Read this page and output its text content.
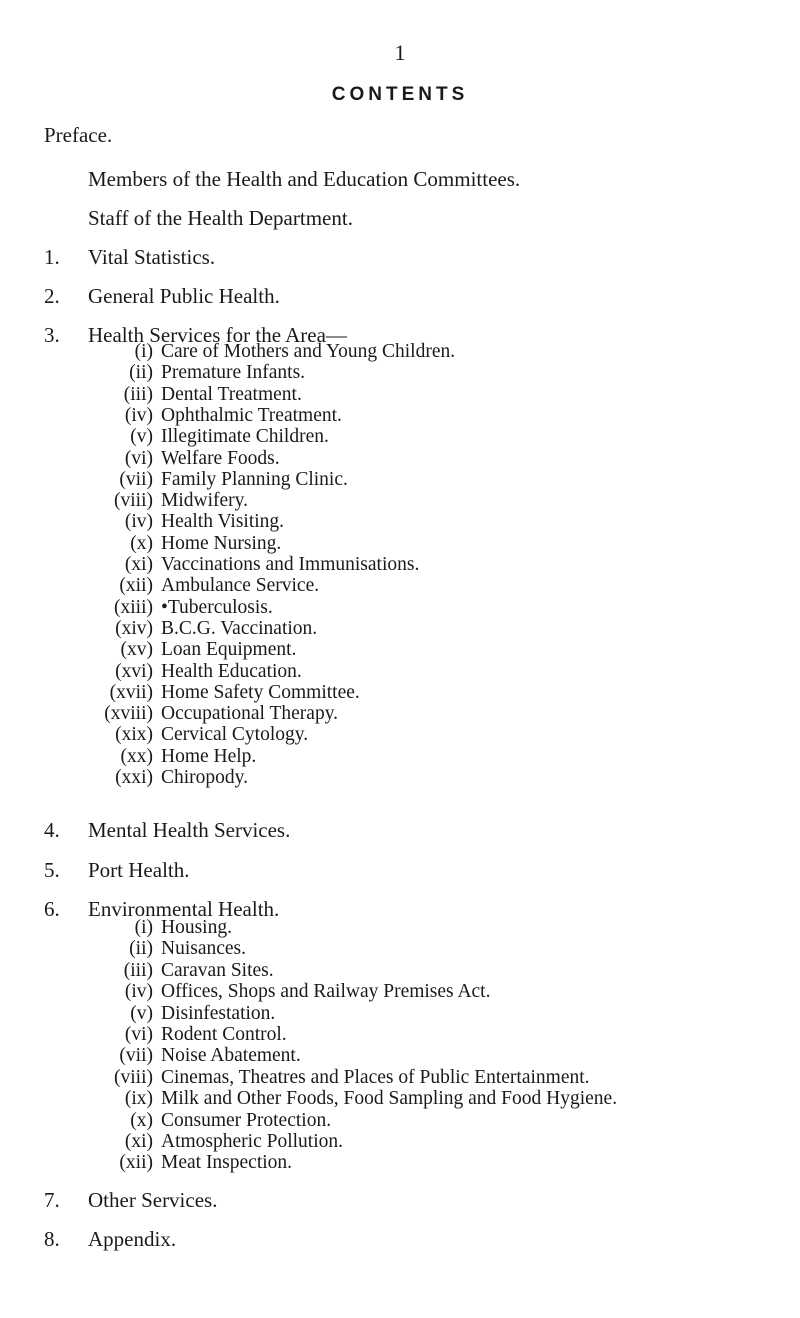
1
CONTENTS
Preface.
Members of the Health and Education Committees.
Staff of the Health Department.
1. Vital Statistics.
2. General Public Health.
3. Health Services for the Area—
(i) Care of Mothers and Young Children.
(ii) Premature Infants.
(iii) Dental Treatment.
(iv) Ophthalmic Treatment.
(v) Illegitimate Children.
(vi) Welfare Foods.
(vii) Family Planning Clinic.
(viii) Midwifery.
(iv) Health Visiting.
(x) Home Nursing.
(xi) Vaccinations and Immunisations.
(xii) Ambulance Service.
(xiii) •Tuberculosis.
(xiv) B.C.G. Vaccination.
(xv) Loan Equipment.
(xvi) Health Education.
(xvii) Home Safety Committee.
(xviii) Occupational Therapy.
(xix) Cervical Cytology.
(xx) Home Help.
(xxi) Chiropody.
4. Mental Health Services.
5. Port Health.
6. Environmental Health.
(i) Housing.
(ii) Nuisances.
(iii) Caravan Sites.
(iv) Offices, Shops and Railway Premises Act.
(v) Disinfestation.
(vi) Rodent Control.
(vii) Noise Abatement.
(viii) Cinemas, Theatres and Places of Public Entertainment.
(ix) Milk and Other Foods, Food Sampling and Food Hygiene.
(x) Consumer Protection.
(xi) Atmospheric Pollution.
(xii) Meat Inspection.
7. Other Services.
8. Appendix.
